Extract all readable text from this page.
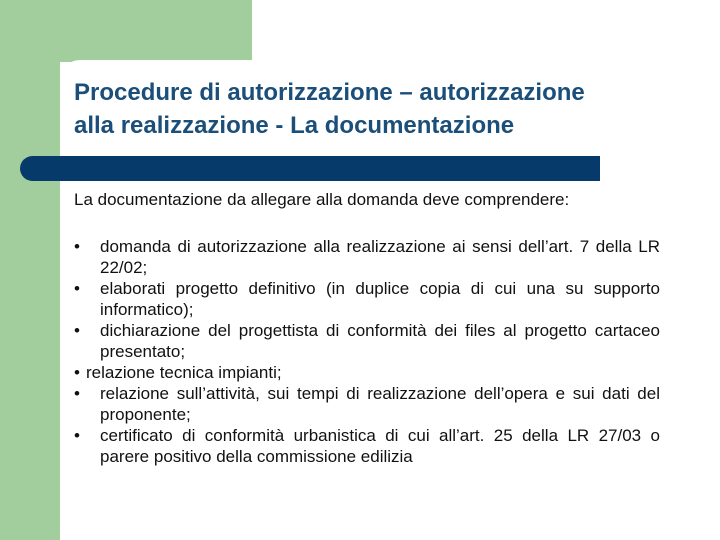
Procedure di autorizzazione – autorizzazione
alla realizzazione - La documentazione

La documentazione da allegare alla domanda deve comprendere:

• domanda di autorizzazione alla realizzazione ai sensi dell’art. 7 della LR 22/02;
• elaborati progetto definitivo (in duplice copia di cui una su supporto informatico);
• dichiarazione del progettista di conformità dei files al progetto cartaceo presentato;
• relazione tecnica impianti;
• relazione sull’attività, sui tempi di realizzazione dell’opera e sui dati del proponente;
• certificato di conformità urbanistica di cui all’art. 25 della LR 27/03 o parere positivo della commissione edilizia
